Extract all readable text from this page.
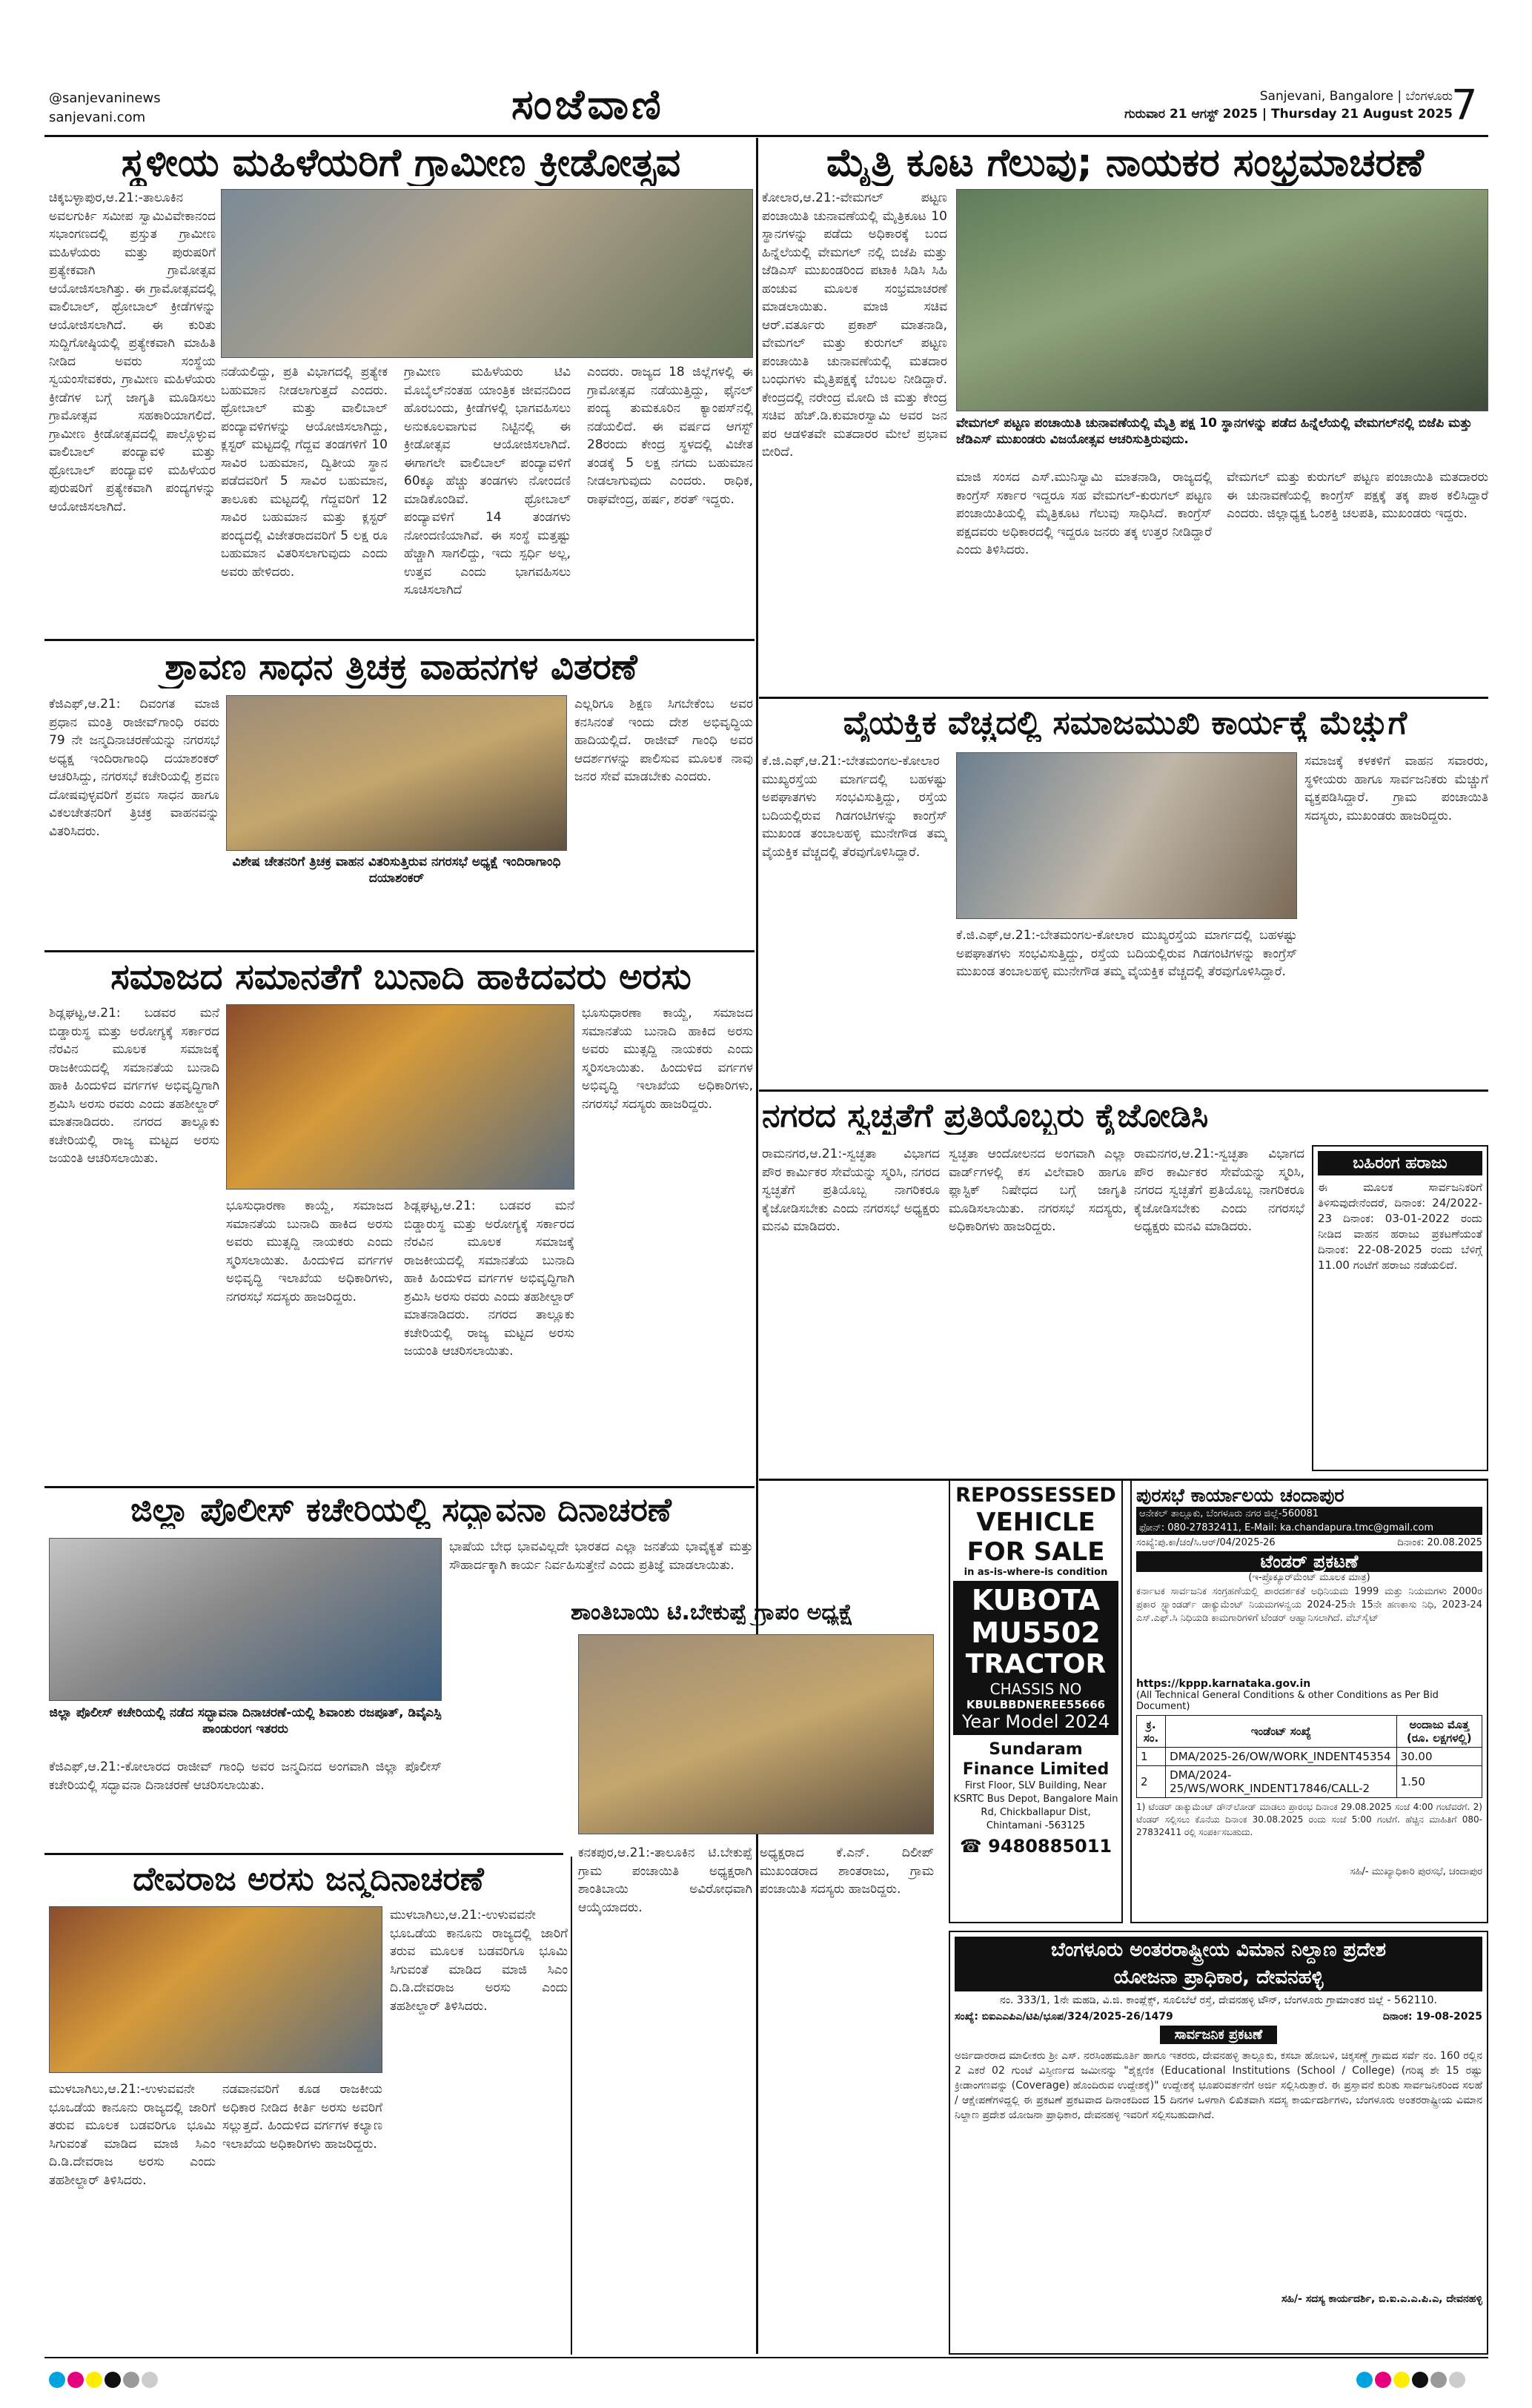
@sanjevaninews
sanjevani.com	ಸಂಜೆವಾಣಿ	Sanjevani, Bangalore | ಬೆಂಗಳೂರು
ಗುರುವಾರ 21 ಆಗಸ್ಟ್ 2025 | Thursday 21 August 2025
7
ಸ್ಥಳೀಯ ಮಹಿಳೆಯರಿಗೆ ಗ್ರಾಮೀಣ ಕ್ರೀಡೋತ್ಸವ
ಚಿಕ್ಕಬಳ್ಳಾಪುರ,ಆ.21:-ತಾಲೂಕಿನ ಅವಲಗುರ್ಕಿ ಸಮೀಪ ಸ್ವಾಮಿವಿವೇಕಾನಂದ ಸಭಾಂಗಣದಲ್ಲಿ ಪ್ರಸ್ತುತ ಗ್ರಾಮೀಣ ಮಹಿಳೆಯರು ಮತ್ತು ಪುರುಷರಿಗೆ ಪ್ರತ್ಯೇಕವಾಗಿ ಗ್ರಾಮೋತ್ಸವ ಆಯೋಜಿಸಲಾಗಿತ್ತು. ಈ ಗ್ರಾಮೋತ್ಸವದಲ್ಲಿ ವಾಲಿಬಾಲ್, ಥ್ರೋಬಾಲ್ ಕ್ರೀಡೆಗಳನ್ನು ಆಯೋಜಿಸಲಾಗಿದೆ. ಈ ಕುರಿತು ಸುದ್ದಿಗೋಷ್ಠಿಯಲ್ಲಿ ಪ್ರತ್ಯೇಕವಾಗಿ ಮಾಹಿತಿ ನೀಡಿದ ಅವರು ಸಂಸ್ಥೆಯ ಸ್ವಯಂಸೇವಕರು, ಗ್ರಾಮೀಣ ಮಹಿಳೆಯರು ಕ್ರೀಡೆಗಳ ಬಗ್ಗೆ ಜಾಗೃತಿ ಮೂಡಿಸಲು ಗ್ರಾಮೋತ್ಸವ ಸಹಕಾರಿಯಾಗಲಿದೆ. ಗ್ರಾಮೀಣ ಕ್ರೀಡೋತ್ಸವದಲ್ಲಿ ಪಾಲ್ಗೊಳ್ಳುವ ವಾಲಿಬಾಲ್ ಪಂದ್ಯಾವಳಿ ಮತ್ತು ಥ್ರೋಬಾಲ್ ಪಂದ್ಯಾವಳಿ ಮಹಿಳೆಯರ ಪುರುಷರಿಗೆ ಪ್ರತ್ಯೇಕವಾಗಿ ಪಂದ್ಯಗಳನ್ನು ಆಯೋಜಿಸಲಾಗಿದೆ.
ನಡೆಯಲಿದ್ದು, ಪ್ರತಿ ವಿಭಾಗದಲ್ಲಿ ಪ್ರತ್ಯೇಕ ಬಹುಮಾನ ನೀಡಲಾಗುತ್ತದೆ ಎಂದರು. ಥ್ರೋಬಾಲ್ ಮತ್ತು ವಾಲಿಬಾಲ್ ಪಂದ್ಯಾವಳಿಗಳನ್ನು ಆಯೋಜಿಸಲಾಗಿದ್ದು, ಕ್ಲಸ್ಟರ್ ಮಟ್ಟದಲ್ಲಿ ಗೆದ್ದವ ತಂಡಗಳಿಗೆ 10 ಸಾವಿರ ಬಹುಮಾನ, ದ್ವಿತೀಯ ಸ್ಥಾನ ಪಡೆದವರಿಗೆ 5 ಸಾವಿರ ಬಹುಮಾನ, ತಾಲೂಕು ಮಟ್ಟದಲ್ಲಿ ಗೆದ್ದವರಿಗೆ 12 ಸಾವಿರ ಬಹುಮಾನ ಮತ್ತು ಕ್ಲಸ್ಟರ್ ಪಂದ್ಯದಲ್ಲಿ ವಿಜೇತರಾದವರಿಗೆ 5 ಲಕ್ಷ ರೂ ಬಹುಮಾನ ವಿತರಿಸಲಾಗುವುದು ಎಂದು ಅವರು ಹೇಳಿದರು.
ಗ್ರಾಮೀಣ ಮಹಿಳೆಯರು ಟಿವಿ ಮೊಬೈಲ್‌ನಂತಹ ಯಾಂತ್ರಿಕ ಜೀವನದಿಂದ ಹೊರಬಂದು, ಕ್ರೀಡೆಗಳಲ್ಲಿ ಭಾಗವಹಿಸಲು ಅನುಕೂಲವಾಗುವ ನಿಟ್ಟಿನಲ್ಲಿ ಈ ಕ್ರೀಡೋತ್ಸವ ಆಯೋಜಿಸಲಾಗಿದೆ. ಈಗಾಗಲೇ ವಾಲಿಬಾಲ್ ಪಂದ್ಯಾವಳಿಗೆ 60ಕ್ಕೂ ಹೆಚ್ಚು ತಂಡಗಳು ನೋಂದಣಿ ಮಾಡಿಕೊಂಡಿವೆ. ಥ್ರೋಬಾಲ್ ಪಂದ್ಯಾವಳಿಗೆ 14 ತಂಡಗಳು ನೋಂದಣಿಯಾಗಿವೆ. ಈ ಸಂಸ್ಥೆ ಮತ್ತಷ್ಟು ಹೆಚ್ಚಾಗಿ ಸಾಗಲಿದ್ದು, ಇದು ಸ್ಪರ್ಧಿ ಅಲ್ಲ, ಉತ್ತವ ಎಂದು ಭಾಗವಹಿಸಲು ಸೂಚಿಸಲಾಗಿದೆ
ಎಂದರು. ರಾಜ್ಯದ 18 ಜಿಲ್ಲೆಗಳಲ್ಲಿ ಈ ಗ್ರಾಮೋತ್ಸವ ನಡೆಯುತ್ತಿದ್ದು, ಫೈನಲ್ ಪಂದ್ಯ ತುಮಕೂರಿನ ಕ್ಯಾಂಪಸ್‌ನಲ್ಲಿ ನಡೆಯಲಿದೆ. ಈ ವರ್ಷದ ಆಗಸ್ಟ್ 28ರಂದು ಕೇಂದ್ರ ಸ್ಥಳದಲ್ಲಿ ವಿಜೇತ ತಂಡಕ್ಕೆ 5 ಲಕ್ಷ ನಗದು ಬಹುಮಾನ ನೀಡಲಾಗುವುದು ಎಂದರು. ರಾಧಿಕ, ರಾಘವೇಂದ್ರ, ಹರ್ಷ, ಶರತ್ ಇದ್ದರು.
ಮೈತ್ರಿ ಕೂಟ ಗೆಲುವು; ನಾಯಕರ ಸಂಭ್ರಮಾಚರಣೆ
ಕೋಲಾರ,ಆ.21:-ವೇಮಗಲ್ ಪಟ್ಟಣ ಪಂಚಾಯಿತಿ ಚುನಾವಣೆಯಲ್ಲಿ ಮೈತ್ರಿಕೂಟ 10 ಸ್ಥಾನಗಳನ್ನು ಪಡೆದು ಅಧಿಕಾರಕ್ಕೆ ಬಂದ ಹಿನ್ನೆಲೆಯಲ್ಲಿ ವೇಮಗಲ್ ನಲ್ಲಿ ಬಿಜೆಪಿ ಮತ್ತು ಜೆಡಿಎಸ್ ಮುಖಂಡರಿಂದ ಪಟಾಕಿ ಸಿಡಿಸಿ ಸಿಹಿ ಹಂಚುವ ಮೂಲಕ ಸಂಭ್ರಮಾಚರಣೆ ಮಾಡಲಾಯಿತು. ಮಾಜಿ ಸಚಿವ ಆರ್.ವರ್ತೂರು ಪ್ರಕಾಶ್ ಮಾತನಾಡಿ, ವೇಮಗಲ್ ಮತ್ತು ಕುರುಗಲ್ ಪಟ್ಟಣ ಪಂಚಾಯಿತಿ ಚುನಾವಣೆಯಲ್ಲಿ ಮತದಾರ ಬಂಧುಗಳು ಮೈತ್ರಿಪಕ್ಷಕ್ಕೆ ಬೆಂಬಲ ನೀಡಿದ್ದಾರೆ. ಕೇಂದ್ರದಲ್ಲಿ ನರೇಂದ್ರ ಮೋದಿ ಜಿ ಮತ್ತು ಕೇಂದ್ರ ಸಚಿವ ಹೆಚ್.ಡಿ.ಕುಮಾರಸ್ವಾಮಿ ಅವರ ಜನ ಪರ ಆಡಳಿತವೇ ಮತದಾರರ ಮೇಲೆ ಪ್ರಭಾವ ಬೀರಿದೆ.
ವೇಮಗಲ್ ಪಟ್ಟಣ ಪಂಚಾಯಿತಿ ಚುನಾವಣೆಯಲ್ಲಿ ಮೈತ್ರಿ ಪಕ್ಷ 10 ಸ್ಥಾನಗಳನ್ನು ಪಡೆದ ಹಿನ್ನೆಲೆಯಲ್ಲಿ ವೇಮಗಲ್‌ನಲ್ಲಿ ಬಿಜೆಪಿ ಮತ್ತು ಜೆಡಿಎಸ್ ಮುಖಂಡರು ವಿಜಯೋತ್ಸವ ಆಚರಿಸುತ್ತಿರುವುದು.
ಮಾಜಿ ಸಂಸದ ಎಸ್.ಮುನಿಸ್ವಾಮಿ ಮಾತನಾಡಿ, ರಾಜ್ಯದಲ್ಲಿ ಕಾಂಗ್ರೆಸ್ ಸರ್ಕಾರ ಇದ್ದರೂ ಸಹ ವೇಮಗಲ್-ಕುರುಗಲ್ ಪಟ್ಟಣ ಪಂಚಾಯಿತಿಯಲ್ಲಿ ಮೈತ್ರಿಕೂಟ ಗೆಲುವು ಸಾಧಿಸಿದೆ. ಕಾಂಗ್ರೆಸ್ ಪಕ್ಷದವರು ಅಧಿಕಾರದಲ್ಲಿ ಇದ್ದರೂ ಜನರು ತಕ್ಕ ಉತ್ತರ ನೀಡಿದ್ದಾರೆ ಎಂದು ತಿಳಿಸಿದರು.
ವೇಮಗಲ್ ಮತ್ತು ಕುರುಗಲ್ ಪಟ್ಟಣ ಪಂಚಾಯಿತಿ ಮತದಾರರು ಈ ಚುನಾವಣೆಯಲ್ಲಿ ಕಾಂಗ್ರೆಸ್ ಪಕ್ಷಕ್ಕೆ ತಕ್ಕ ಪಾಠ ಕಲಿಸಿದ್ದಾರೆ ಎಂದರು. ಜಿಲ್ಲಾಧ್ಯಕ್ಷ ಓಂಶಕ್ತಿ ಚಲಪತಿ, ಮುಖಂಡರು ಇದ್ದರು.
ಶ್ರಾವಣ ಸಾಧನ ತ್ರಿಚಕ್ರ ವಾಹನಗಳ ವಿತರಣೆ
ಕೆಜಿಎಫ್,ಆ.21: ದಿವಂಗತ ಮಾಜಿ ಪ್ರಧಾನ ಮಂತ್ರಿ ರಾಜೀವ್‌ಗಾಂಧಿ ರವರು 79 ನೇ ಜನ್ಮದಿನಾಚರಣೆಯನ್ನು ನಗರಸಭೆ ಅಧ್ಯಕ್ಷ ಇಂದಿರಾಗಾಂಧಿ ದಯಾಶಂಕರ್ ಆಚರಿಸಿದ್ದು, ನಗರಸಭೆ ಕಚೇರಿಯಲ್ಲಿ ಶ್ರವಣ ದೋಷವುಳ್ಳವರಿಗೆ ಶ್ರವಣ ಸಾಧನ ಹಾಗೂ ವಿಕಲಚೇತನರಿಗೆ ತ್ರಿಚಕ್ರ ವಾಹನವನ್ನು ವಿತರಿಸಿದರು.
ವಿಶೇಷ ಚೇತನರಿಗೆ ತ್ರಿಚಕ್ರ ವಾಹನ ವಿತರಿಸುತ್ತಿರುವ ನಗರಸಭೆ ಅಧ್ಯಕ್ಷೆ ಇಂದಿರಾಗಾಂಧಿ ದಯಾಶಂಕರ್
ಎಲ್ಲರಿಗೂ ಶಿಕ್ಷಣ ಸಿಗಬೇಕೆಂಬ ಅವರ ಕನಸಿನಂತೆ ಇಂದು ದೇಶ ಅಭಿವೃದ್ಧಿಯ ಹಾದಿಯಲ್ಲಿದೆ. ರಾಜೀವ್ ಗಾಂಧಿ ಅವರ ಆದರ್ಶಗಳನ್ನು ಪಾಲಿಸುವ ಮೂಲಕ ನಾವು ಜನರ ಸೇವೆ ಮಾಡಬೇಕು ಎಂದರು.
ವೈಯಕ್ತಿಕ ವೆಚ್ಚದಲ್ಲಿ ಸಮಾಜಮುಖಿ ಕಾರ್ಯಕ್ಕೆ ಮೆಚ್ಚುಗೆ
ಕೆ.ಜಿ.ಎಫ್,ಆ.21:-ಬೇತಮಂಗಲ-ಕೋಲಾರ ಮುಖ್ಯರಸ್ತೆಯ ಮಾರ್ಗದಲ್ಲಿ ಬಹಳಷ್ಟು ಅಪಘಾತಗಳು ಸಂಭವಿಸುತ್ತಿದ್ದು, ರಸ್ತೆಯ ಬದಿಯಲ್ಲಿರುವ ಗಿಡಗಂಟಿಗಳನ್ನು ಕಾಂಗ್ರೆಸ್ ಮುಖಂಡ ತಂಬಾಲಹಳ್ಳಿ ಮುನೇಗೌಡ ತಮ್ಮ ವೈಯಕ್ತಿಕ ವೆಚ್ಚದಲ್ಲಿ ತೆರವುಗೊಳಿಸಿದ್ದಾರೆ.
ಕೆ.ಜಿ.ಎಫ್,ಆ.21:-ಬೇತಮಂಗಲ-ಕೋಲಾರ ಮುಖ್ಯರಸ್ತೆಯ ಮಾರ್ಗದಲ್ಲಿ ಬಹಳಷ್ಟು ಅಪಘಾತಗಳು ಸಂಭವಿಸುತ್ತಿದ್ದು, ರಸ್ತೆಯ ಬದಿಯಲ್ಲಿರುವ ಗಿಡಗಂಟಿಗಳನ್ನು ಕಾಂಗ್ರೆಸ್ ಮುಖಂಡ ತಂಬಾಲಹಳ್ಳಿ ಮುನೇಗೌಡ ತಮ್ಮ ವೈಯಕ್ತಿಕ ವೆಚ್ಚದಲ್ಲಿ ತೆರವುಗೊಳಿಸಿದ್ದಾರೆ.
ಸಮಾಜಕ್ಕೆ ಕಳಕಳಿಗೆ ವಾಹನ ಸವಾರರು, ಸ್ಥಳೀಯರು ಹಾಗೂ ಸಾರ್ವಜನಿಕರು ಮೆಚ್ಚುಗೆ ವ್ಯಕ್ತಪಡಿಸಿದ್ದಾರೆ. ಗ್ರಾಮ ಪಂಚಾಯಿತಿ ಸದಸ್ಯರು, ಮುಖಂಡರು ಹಾಜರಿದ್ದರು.
ಸಮಾಜದ ಸಮಾನತೆಗೆ ಬುನಾದಿ ಹಾಕಿದವರು ಅರಸು
ಶಿಡ್ಲಘಟ್ಟ,ಆ.21: ಬಡವರ ಮನೆ ಬಿಡ್ಡಾರುಸ್ಥ ಮತ್ತು ಅರೋಗ್ಯಕ್ಕೆ ಸರ್ಕಾರದ ನೆರವಿನ ಮೂಲಕ ಸಮಾಜಕ್ಕೆ ರಾಜಕೀಯದಲ್ಲಿ ಸಮಾನತೆಯ ಬುನಾದಿ ಹಾಕಿ ಹಿಂದುಳಿದ ವರ್ಗಗಳ ಅಭಿವೃದ್ಧಿಗಾಗಿ ಶ್ರಮಿಸಿ ಅರಸು ರವರು ಎಂದು ತಹಶೀಲ್ದಾರ್ ಮಾತನಾಡಿದರು. ನಗರದ ತಾಲ್ಲೂಕು ಕಚೇರಿಯಲ್ಲಿ ರಾಜ್ಯ ಮಟ್ಟದ ಅರಸು ಜಯಂತಿ ಆಚರಿಸಲಾಯಿತು.
ಭೂಸುಧಾರಣಾ ಕಾಯ್ದೆ, ಸಮಾಜದ ಸಮಾನತೆಯ ಬುನಾದಿ ಹಾಕಿದ ಅರಸು ಅವರು ಮುತ್ಸದ್ದಿ ನಾಯಕರು ಎಂದು ಸ್ಮರಿಸಲಾಯಿತು. ಹಿಂದುಳಿದ ವರ್ಗಗಳ ಅಭಿವೃದ್ಧಿ ಇಲಾಖೆಯ ಅಧಿಕಾರಿಗಳು, ನಗರಸಭೆ ಸದಸ್ಯರು ಹಾಜರಿದ್ದರು.
ಶಿಡ್ಲಘಟ್ಟ,ಆ.21: ಬಡವರ ಮನೆ ಬಿಡ್ಡಾರುಸ್ಥ ಮತ್ತು ಅರೋಗ್ಯಕ್ಕೆ ಸರ್ಕಾರದ ನೆರವಿನ ಮೂಲಕ ಸಮಾಜಕ್ಕೆ ರಾಜಕೀಯದಲ್ಲಿ ಸಮಾನತೆಯ ಬುನಾದಿ ಹಾಕಿ ಹಿಂದುಳಿದ ವರ್ಗಗಳ ಅಭಿವೃದ್ಧಿಗಾಗಿ ಶ್ರಮಿಸಿ ಅರಸು ರವರು ಎಂದು ತಹಶೀಲ್ದಾರ್ ಮಾತನಾಡಿದರು. ನಗರದ ತಾಲ್ಲೂಕು ಕಚೇರಿಯಲ್ಲಿ ರಾಜ್ಯ ಮಟ್ಟದ ಅರಸು ಜಯಂತಿ ಆಚರಿಸಲಾಯಿತು.
ಭೂಸುಧಾರಣಾ ಕಾಯ್ದೆ, ಸಮಾಜದ ಸಮಾನತೆಯ ಬುನಾದಿ ಹಾಕಿದ ಅರಸು ಅವರು ಮುತ್ಸದ್ದಿ ನಾಯಕರು ಎಂದು ಸ್ಮರಿಸಲಾಯಿತು. ಹಿಂದುಳಿದ ವರ್ಗಗಳ ಅಭಿವೃದ್ಧಿ ಇಲಾಖೆಯ ಅಧಿಕಾರಿಗಳು, ನಗರಸಭೆ ಸದಸ್ಯರು ಹಾಜರಿದ್ದರು.	ನಗರದ ಸ್ವಚ್ಛತೆಗೆ ಪ್ರತಿಯೊಬ್ಬರು ಕೈಜೋಡಿಸಿ
ರಾಮನಗರ,ಆ.21:-ಸ್ವಚ್ಛತಾ ವಿಭಾಗದ ಪೌರ ಕಾರ್ಮಿಕರ ಸೇವೆಯನ್ನು ಸ್ಮರಿಸಿ, ನಗರದ ಸ್ವಚ್ಛತೆಗೆ ಪ್ರತಿಯೊಬ್ಬ ನಾಗರಿಕರೂ ಕೈಜೋಡಿಸಬೇಕು ಎಂದು ನಗರಸಭೆ ಅಧ್ಯಕ್ಷರು ಮನವಿ ಮಾಡಿದರು.
ಸ್ವಚ್ಛತಾ ಆಂದೋಲನದ ಅಂಗವಾಗಿ ಎಲ್ಲಾ ವಾರ್ಡ್‌ಗಳಲ್ಲಿ ಕಸ ವಿಲೇವಾರಿ ಹಾಗೂ ಪ್ಲಾಸ್ಟಿಕ್ ನಿಷೇಧದ ಬಗ್ಗೆ ಜಾಗೃತಿ ಮೂಡಿಸಲಾಯಿತು. ನಗರಸಭೆ ಸದಸ್ಯರು, ಅಧಿಕಾರಿಗಳು ಹಾಜರಿದ್ದರು.
ರಾಮನಗರ,ಆ.21:-ಸ್ವಚ್ಛತಾ ವಿಭಾಗದ ಪೌರ ಕಾರ್ಮಿಕರ ಸೇವೆಯನ್ನು ಸ್ಮರಿಸಿ, ನಗರದ ಸ್ವಚ್ಛತೆಗೆ ಪ್ರತಿಯೊಬ್ಬ ನಾಗರಿಕರೂ ಕೈಜೋಡಿಸಬೇಕು ಎಂದು ನಗರಸಭೆ ಅಧ್ಯಕ್ಷರು ಮನವಿ ಮಾಡಿದರು.
ಬಹಿರಂಗ ಹರಾಜು
ಈ ಮೂಲಕ ಸಾರ್ವಜನಿಕರಿಗೆ ತಿಳಿಸುವುದೇನೆಂದರೆ, ದಿನಾಂಕ: 24/2022-23 ದಿನಾಂಕ: 03-01-2022 ರಂದು ನೀಡಿದ ವಾಹನ ಹರಾಜು ಪ್ರಕಟಣೆಯಂತೆ ದಿನಾಂಕ: 22-08-2025 ರಂದು ಬೆಳಿಗ್ಗೆ 11.00 ಗಂಟೆಗೆ ಹರಾಜು ನಡೆಯಲಿದೆ.
ಜಿಲ್ಲಾ ಪೊಲೀಸ್ ಕಚೇರಿಯಲ್ಲಿ ಸದ್ಭಾವನಾ ದಿನಾಚರಣೆ
ಜಿಲ್ಲಾ ಪೊಲೀಸ್ ಕಚೇರಿಯಲ್ಲಿ ನಡೆದ ಸದ್ಭಾವನಾ ದಿನಾಚರಣೆ-ಯಲ್ಲಿ ಶಿವಾಂಶು ರಜಪೂತ್, ಡಿವೈಎಸ್ಪಿ ಪಾಂಡುರಂಗ ಇತರರು
ಕೆಜಿಎಫ್,ಆ.21:-ಕೋಲಾರದ ರಾಜೀವ್ ಗಾಂಧಿ ಅವರ ಜನ್ಮದಿನದ ಅಂಗವಾಗಿ ಜಿಲ್ಲಾ ಪೊಲೀಸ್ ಕಚೇರಿಯಲ್ಲಿ ಸದ್ಭಾವನಾ ದಿನಾಚರಣೆ ಆಚರಿಸಲಾಯಿತು.
ಭಾಷೆಯ ಬೇಧ ಭಾವವಿಲ್ಲದೇ ಭಾರತದ ಎಲ್ಲಾ ಜನತೆಯ ಭಾವೈಕ್ಯತೆ ಮತ್ತು ಸೌಹಾರ್ದಕ್ಕಾಗಿ ಕಾರ್ಯ ನಿರ್ವಹಿಸುತ್ತೇನೆ ಎಂದು ಪ್ರತಿಜ್ಞೆ ಮಾಡಲಾಯಿತು.
ಶಾಂತಿಬಾಯಿ ಟಿ.ಬೇಕುಪ್ಪೆ ಗ್ರಾಪಂ ಅಧ್ಯಕ್ಷೆ
ಕನಕಪುರ,ಆ.21:-ತಾಲೂಕಿನ ಟಿ.ಬೇಕುಪ್ಪೆ ಗ್ರಾಮ ಪಂಚಾಯಿತಿ ಅಧ್ಯಕ್ಷರಾಗಿ ಶಾಂತಿಬಾಯಿ ಅವಿರೋಧವಾಗಿ ಆಯ್ಕೆಯಾದರು.
ಅಧ್ಯಕ್ಷರಾದ ಕೆ.ಎನ್. ದಿಲೀಪ್ ಮುಖಂಡರಾದ ಶಾಂತರಾಜು, ಗ್ರಾಮ ಪಂಚಾಯಿತಿ ಸದಸ್ಯರು ಹಾಜರಿದ್ದರು.
ದೇವರಾಜ ಅರಸು ಜನ್ಮದಿನಾಚರಣೆ
ಮುಳಬಾಗಿಲು,ಆ.21:-ಉಳುವವನೇ ಭೂಒಡೆಯ ಕಾನೂನು ರಾಜ್ಯದಲ್ಲಿ ಜಾರಿಗೆ ತರುವ ಮೂಲಕ ಬಡವರಿಗೂ ಭೂಮಿ ಸಿಗುವಂತೆ ಮಾಡಿದ ಮಾಜಿ ಸಿಎಂ ದಿ.ಡಿ.ದೇವರಾಜ ಅರಸು ಎಂದು ತಹಶೀಲ್ದಾರ್ ತಿಳಿಸಿದರು.
ನಡವಾನವರಿಗೆ ಕೂಡ ರಾಜಕೀಯ ಅಧಿಕಾರ ನೀಡಿದ ಕೀರ್ತಿ ಅರಸು ಅವರಿಗೆ ಸಲ್ಲುತ್ತದೆ. ಹಿಂದುಳಿದ ವರ್ಗಗಳ ಕಲ್ಯಾಣ ಇಲಾಖೆಯ ಅಧಿಕಾರಿಗಳು ಹಾಜರಿದ್ದರು.
ಮುಳಬಾಗಿಲು,ಆ.21:-ಉಳುವವನೇ ಭೂಒಡೆಯ ಕಾನೂನು ರಾಜ್ಯದಲ್ಲಿ ಜಾರಿಗೆ ತರುವ ಮೂಲಕ ಬಡವರಿಗೂ ಭೂಮಿ ಸಿಗುವಂತೆ ಮಾಡಿದ ಮಾಜಿ ಸಿಎಂ ದಿ.ಡಿ.ದೇವರಾಜ ಅರಸು ಎಂದು ತಹಶೀಲ್ದಾರ್ ತಿಳಿಸಿದರು.
REPOSSESSED
VEHICLE
FOR SALE
in as-is-where-is condition
KUBOTA
MU5502
TRACTOR
CHASSIS NO
KBULBBDNEREE55666
Year Model 2024
Sundaram Finance Limited
First Floor, SLV Building, Near KSRTC Bus Depot, Bangalore Main Rd, Chickballapur Dist, Chintamani -563125
☎ 9480885011
ಪುರಸಭೆ ಕಾರ್ಯಾಲಯ ಚಂದಾಪುರ
ಆನೇಕಲ್ ತಾಲ್ಲೂಕು, ಬೆಂಗಳೂರು ನಗರ ಜಿಲ್ಲೆ-560081
ಫೋನ್: 080-27832411, E-Mail: ka.chandapura.tmc@gmail.com
ಸಂಖ್ಯೆ:ಪು.ಕಾ/ಚಂ/ಸಿ.ಆರ್/04/2025-26	ದಿನಾಂಕ: 20.08.2025
ಟೆಂಡರ್ ಪ್ರಕಟಣೆ
(ಇ-ಪ್ರೊಕ್ಯೂರ್‌ಮೆಂಟ್ ಮೂಲಕ ಮಾತ್ರ)
ಕರ್ನಾಟಕ ಸಾರ್ವಜನಿಕ ಸಂಗ್ರಹಣೆಯಲ್ಲಿ ಪಾರದರ್ಶಕತೆ ಅಧಿನಿಯಮ 1999 ಮತ್ತು ನಿಯಮಗಳು 2000ರ ಪ್ರಕಾರ ಸ್ಟ್ಯಾಂಡರ್ಡ್ ಡಾಕ್ಯುಮೆಂಟ್ ನಿಯಮಗಳನ್ವಯ 2024-25ನೇ 15ನೇ ಹಣಕಾಸು ನಿಧಿ, 2023-24 ಎಸ್.ಎಫ್.ಸಿ ನಿಧಿಯಡಿ ಕಾಮಗಾರಿಗಳಿಗೆ ಟೆಂಡರ್ ಆಹ್ವಾನಿಸಲಾಗಿದೆ. ವೆಬ್‌ಸೈಟ್
https://kppp.karnataka.gov.in
(All Technical General Conditions & other Conditions as Per Bid Document)
ಕ್ರ. ಸಂ.	ಇಂಡೆಂಟ್ ಸಂಖ್ಯೆ	ಅಂದಾಜು ಮೊತ್ತ (ರೂ. ಲಕ್ಷಗಳಲ್ಲಿ)
1	DMA/2025-26/OW/WORK_INDENT45354	30.00
2	DMA/2024-25/WS/WORK_INDENT17846/CALL-2	1.50
1) ಟೆಂಡರ್ ಡಾಕ್ಯುಮೆಂಟ್ ಡೌನ್‌ಲೋಡ್ ಮಾಡಲು ಪ್ರಾರಂಭ ದಿನಾಂಕ 29.08.2025 ಸಂಜೆ 4:00 ಗಂಟೆವರೆಗೆ. 2) ಟೆಂಡರ್ ಸಲ್ಲಿಸಲು ಕೊನೆಯ ದಿನಾಂಕ 30.08.2025 ರಂದು ಸಂಜೆ 5:00 ಗಂಟೆಗೆ. ಹೆಚ್ಚಿನ ಮಾಹಿತಿಗೆ 080-27832411 ರಲ್ಲಿ ಸಂಪರ್ಕಿಸಬಹುದು.
ಸಹಿ/- ಮುಖ್ಯಾಧಿಕಾರಿ ಪುರಸಭೆ, ಚಂದಾಪುರ
ಬೆಂಗಳೂರು ಅಂತರರಾಷ್ಟ್ರೀಯ ವಿಮಾನ ನಿಲ್ದಾಣ ಪ್ರದೇಶ
ಯೋಜನಾ ಪ್ರಾಧಿಕಾರ, ದೇವನಹಳ್ಳಿ
ನಂ. 333/1, 1ನೇ ಮಹಡಿ, ವಿ.ಜಿ. ಕಾಂಪ್ಲೆಕ್ಸ್, ಸೂಲಿಬೆಲೆ ರಸ್ತೆ, ದೇವನಹಳ್ಳಿ ಟೌನ್, ಬೆಂಗಳೂರು ಗ್ರಾಮಾಂತರ ಜಿಲ್ಲೆ - 562110.
ಸಂಖ್ಯೆ: ಬಿಐಎಎಪಿಎ/ಟಿಪಿ/ಭೂಪ/324/2025-26/1479	ದಿನಾಂಕ: 19-08-2025
ಸಾರ್ವಜನಿಕ ಪ್ರಕಟಣೆ
ಅರ್ಜಿದಾರರಾದ ಮಾಲೀಕರು ಶ್ರೀ ಎಸ್. ನರಸಿಂಹಮೂರ್ತಿ ಹಾಗೂ ಇತರರು, ದೇವನಹಳ್ಳಿ ತಾಲ್ಲೂಕು, ಕಸಬಾ ಹೋಬಳಿ, ಚಿಕ್ಕಸಣ್ಣೆ ಗ್ರಾಮದ ಸರ್ವೆ ನಂ. 160 ರಲ್ಲಿನ 2 ಎಕರೆ 02 ಗುಂಟೆ ವಿಸ್ತೀರ್ಣದ ಜಮೀನನ್ನು "ಶೈಕ್ಷಣಿಕ (Educational Institutions (School / College) (ಗರಿಷ್ಠ ಶೇ 15 ರಷ್ಟು ಕ್ರೀಡಾಂಗಣವನ್ನು (Coverage) ಹೊಂದಿರುವ ಉದ್ದೇಶಕ್ಕೆ)" ಉದ್ದೇಶಕ್ಕೆ ಭೂಪರಿವರ್ತನೆಗೆ ಅರ್ಜಿ ಸಲ್ಲಿಸಿರುತ್ತಾರೆ. ಈ ಪ್ರಸ್ತಾವನೆ ಕುರಿತು ಸಾರ್ವಜನಿಕರಿಂದ ಸಲಹೆ / ಆಕ್ಷೇಪಣೆಗಳಿದ್ದಲ್ಲಿ ಈ ಪ್ರಕಟಣೆ ಪ್ರಕಟವಾದ ದಿನಾಂಕದಿಂದ 15 ದಿನಗಳ ಒಳಗಾಗಿ ಲಿಖಿತವಾಗಿ ಸದಸ್ಯ ಕಾರ್ಯದರ್ಶಿಗಳು, ಬೆಂಗಳೂರು ಅಂತರರಾಷ್ಟ್ರೀಯ ವಿಮಾನ ನಿಲ್ದಾಣ ಪ್ರದೇಶ ಯೋಜನಾ ಪ್ರಾಧಿಕಾರ, ದೇವನಹಳ್ಳಿ ಇವರಿಗೆ ಸಲ್ಲಿಸಬಹುದಾಗಿದೆ.
ಸಹಿ/- ಸದಸ್ಯ ಕಾರ್ಯದರ್ಶಿ, ಬಿ.ಐ.ಎ.ಎ.ಪಿ.ಎ, ದೇವನಹಳ್ಳಿ
